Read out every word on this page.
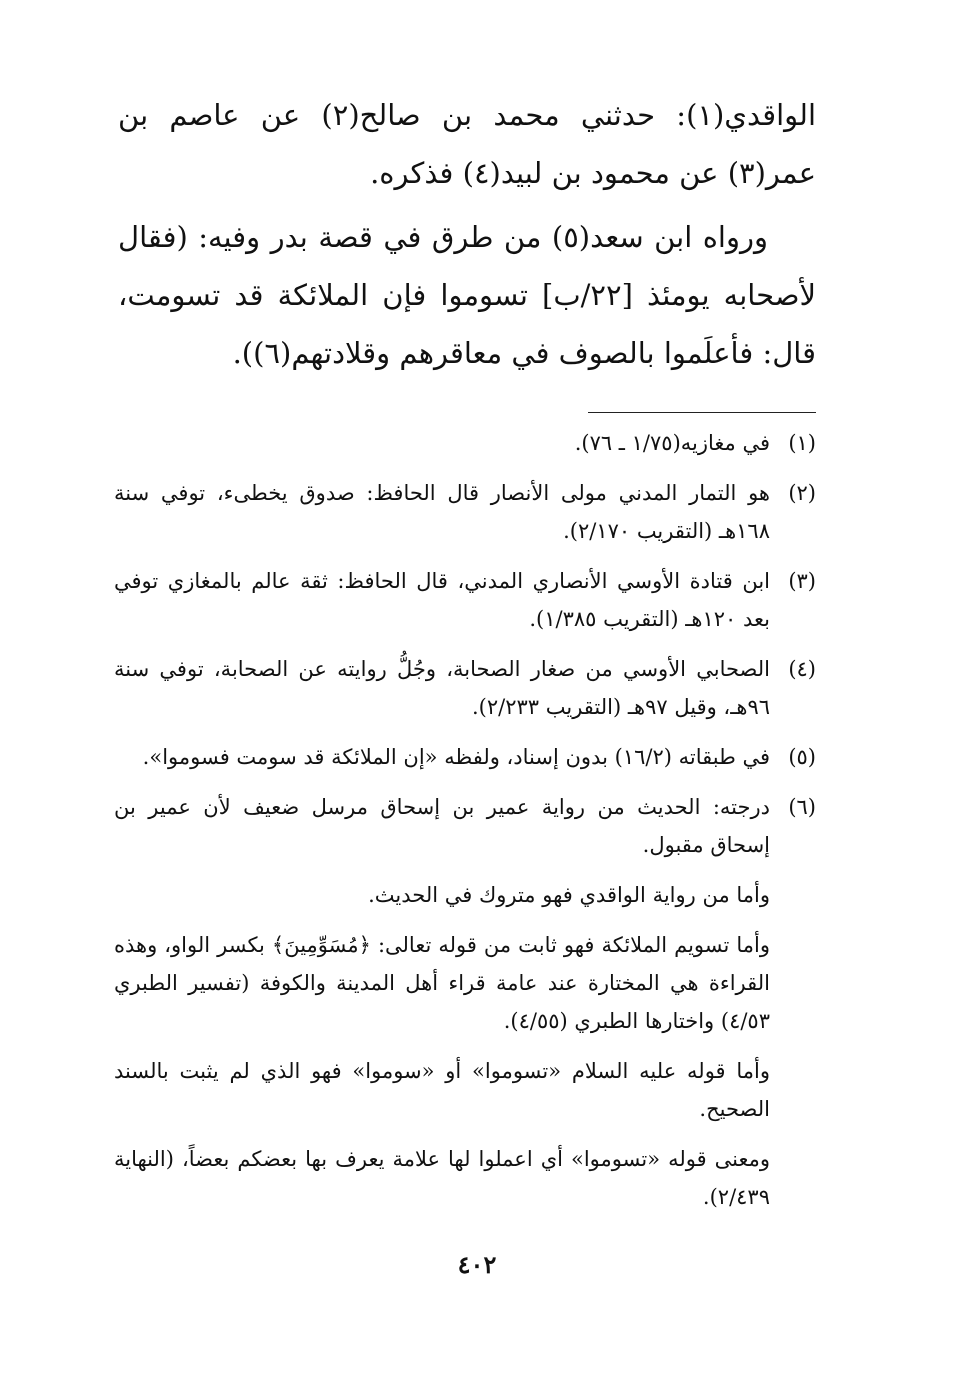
الواقدي(١): حدثني محمد بن صالح(٢) عن عاصم بن عمر(٣) عن محمود بن لبيد(٤) فذكره.

ورواه ابن سعد(٥) من طرق في قصة بدر وفيه: (فقال لأصحابه يومئذ [٢٢/ب] تسوموا فإن الملائكة قد تسومت، قال: فأعلَموا بالصوف في معاقرهم وقلادتهم(٦)).

(١)
في مغازيه(١/٧٥ ـ ٧٦).
(٢)
هو التمار المدني مولى الأنصار قال الحافظ: صدوق يخطىء، توفي سنة ١٦٨هـ (التقريب ٢/١٧٠).
(٣)
ابن قتادة الأوسي الأنصاري المدني، قال الحافظ: ثقة عالم بالمغازي توفي بعد ١٢٠هـ (التقريب ١/٣٨٥).
(٤)
الصحابي الأوسي من صغار الصحابة، وجُلُّ روايته عن الصحابة، توفي سنة ٩٦هـ، وقيل ٩٧هـ (التقريب ٢/٢٣٣).
(٥)
في طبقاته (١٦/٢) بدون إسناد، ولفظه «إن الملائكة قد سومت فسوموا».
(٦)
درجته: الحديث من رواية عمير بن إسحاق مرسل ضعيف لأن عمير بن إسحاق مقبول.
وأما من رواية الواقدي فهو متروك في الحديث.
وأما تسويم الملائكة فهو ثابت من قوله تعالى: ﴿مُسَوِّمِينَ﴾ بكسر الواو، وهذه القراءة هي المختارة عند عامة قراء أهل المدينة والكوفة (تفسير الطبري ٤/٥٣) واختارها الطبري (٤/٥٥).
وأما قوله عليه السلام «تسوموا» أو «سوموا» فهو الذي لم يثبت بالسند الصحيح.
ومعنى قوله «تسوموا» أي اعملوا لها علامة يعرف بها بعضكم بعضاً، (النهاية ٢/٤٣٩).
٤٠٢
